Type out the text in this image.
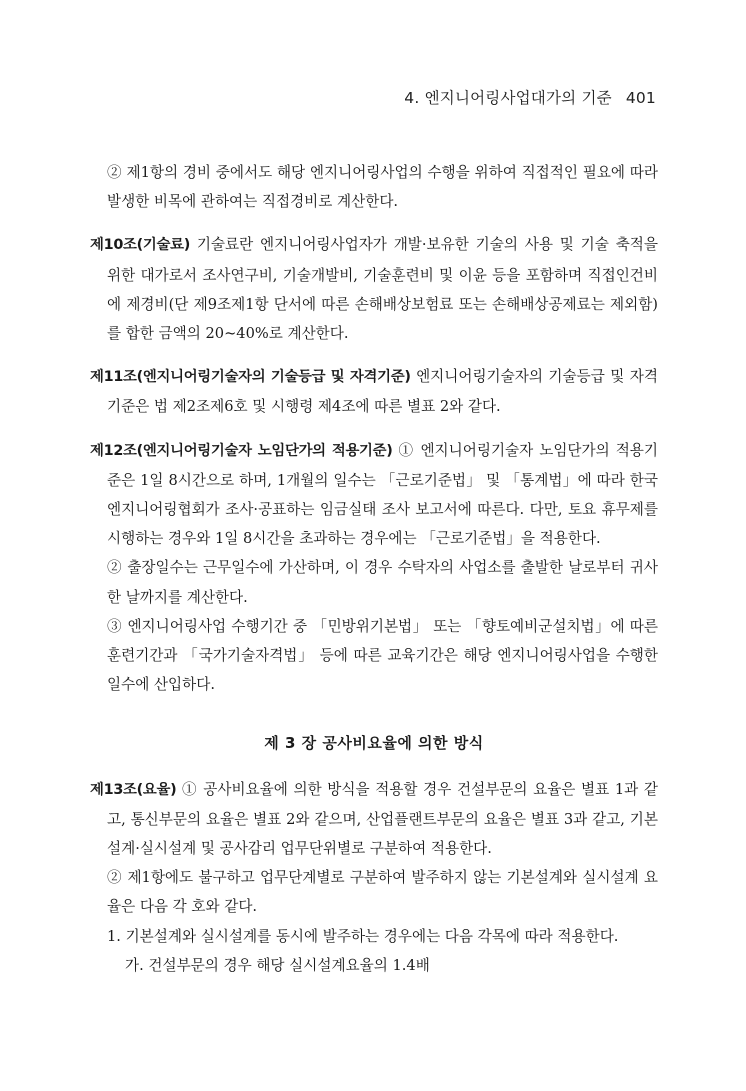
4. 엔지니어링사업대가의 기준 401

② 제1항의 경비 중에서도 해당 엔지니어링사업의 수행을 위하여 직접적인 필요에 따라 발생한 비목에 관하여는 직접경비로 계산한다.

제10조(기술료) 기술료란 엔지니어링사업자가 개발·보유한 기술의 사용 및 기술 축적을 위한 대가로서 조사연구비, 기술개발비, 기술훈련비 및 이윤 등을 포함하며 직접인건비에 제경비(단 제9조제1항 단서에 따른 손해배상보험료 또는 손해배상공제료는 제외함)를 합한 금액의 20~40%로 계산한다.

제11조(엔지니어링기술자의 기술등급 및 자격기준) 엔지니어링기술자의 기술등급 및 자격기준은 법 제2조제6호 및 시행령 제4조에 따른 별표 2와 같다.

제12조(엔지니어링기술자 노임단가의 적용기준) ① 엔지니어링기술자 노임단가의 적용기준은 1일 8시간으로 하며, 1개월의 일수는 「근로기준법」 및 「통계법」에 따라 한국엔지니어링협회가 조사·공표하는 임금실태 조사 보고서에 따른다. 다만, 토요 휴무제를 시행하는 경우와 1일 8시간을 초과하는 경우에는 「근로기준법」을 적용한다.

② 출장일수는 근무일수에 가산하며, 이 경우 수탁자의 사업소를 출발한 날로부터 귀사한 날까지를 계산한다.

③ 엔지니어링사업 수행기간 중 「민방위기본법」 또는 「향토예비군설치법」에 따른 훈련기간과 「국가기술자격법」 등에 따른 교육기간은 해당 엔지니어링사업을 수행한 일수에 산입하다.

제 3 장 공사비요율에 의한 방식

제13조(요율) ① 공사비요율에 의한 방식을 적용할 경우 건설부문의 요율은 별표 1과 같고, 통신부문의 요율은 별표 2와 같으며, 산업플랜트부문의 요율은 별표 3과 같고, 기본설계·실시설계 및 공사감리 업무단위별로 구분하여 적용한다.

② 제1항에도 불구하고 업무단계별로 구분하여 발주하지 않는 기본설계와 실시설계 요율은 다음 각 호와 같다.

1. 기본설계와 실시설계를 동시에 발주하는 경우에는 다음 각목에 따라 적용한다.

가. 건설부문의 경우 해당 실시설계요율의 1.4배
